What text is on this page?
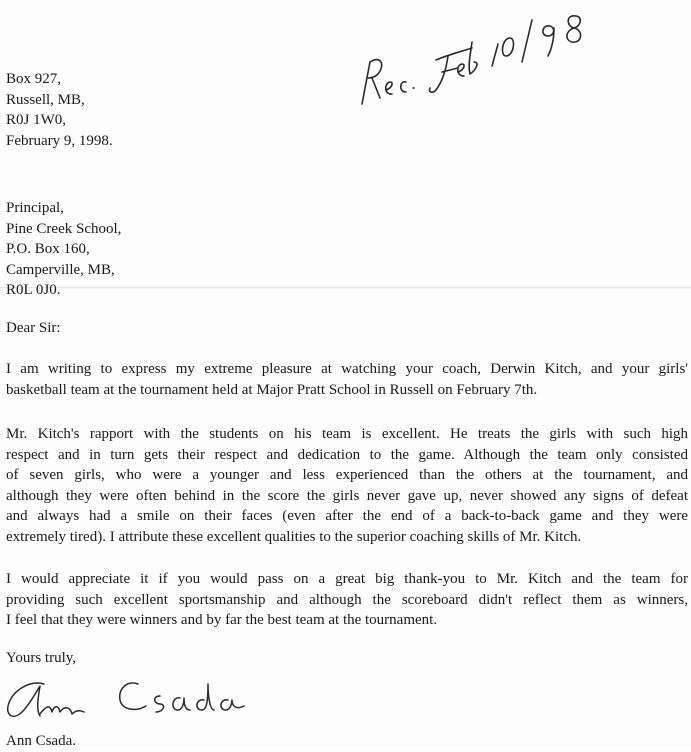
Box 927,
Russell, MB,
R0J 1W0,
February 9, 1998.
Principal,
Pine Creek School,
P.O. Box 160,
Camperville, MB,
R0L 0J0.
Dear Sir:
I am writing to express my extreme pleasure at watching your coach, Derwin Kitch, and your girls'
basketball team at the tournament held at Major Pratt School in Russell on February 7th.
Mr. Kitch's rapport with the students on his team is excellent. He treats the girls with such high
respect and in turn gets their respect and dedication to the game. Although the team only consisted
of seven girls, who were a younger and less experienced than the others at the tournament, and
although they were often behind in the score the girls never gave up, never showed any signs of defeat
and always had a smile on their faces (even after the end of a back-to-back game and they were
extremely tired). I attribute these excellent qualities to the superior coaching skills of Mr. Kitch.
I would appreciate it if you would pass on a great big thank-you to Mr. Kitch and the team for
providing such excellent sportsmanship and although the scoreboard didn't reflect them as winners,
I feel that they were winners and by far the best team at the tournament.
Yours truly,
Ann Csada.
